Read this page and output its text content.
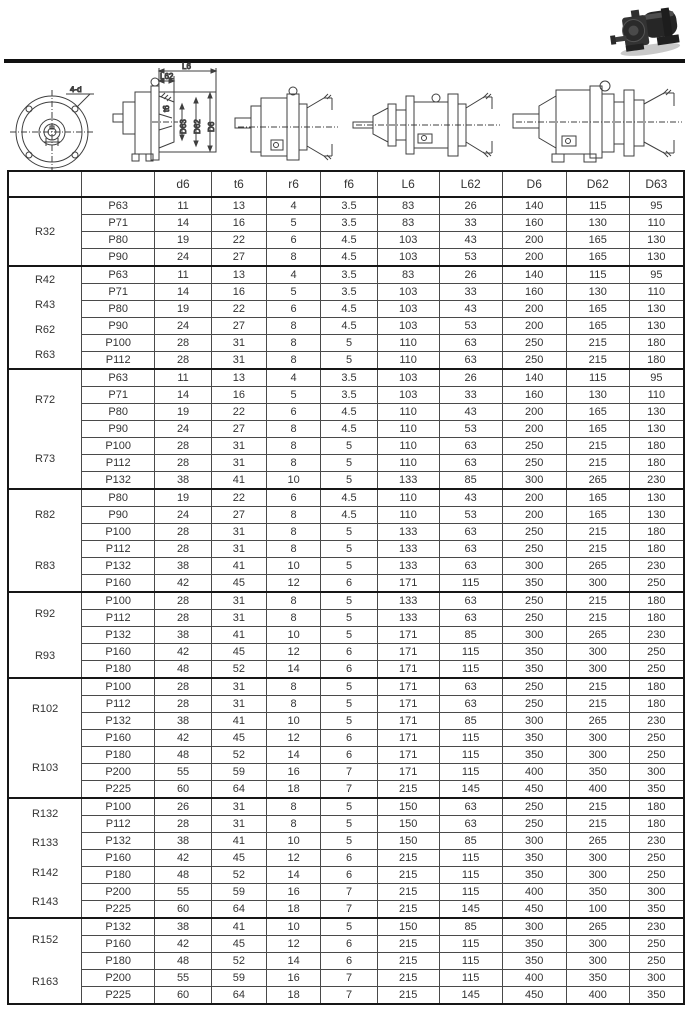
4-d
L6
L62
t6
D63 D62 D6
		d6	t6	r6	f6	L6	L62	D6	D62	D63

R32	P63	11	13	4	3.5	83	26	140	115	95
	P71	14	16	5	3.5	83	33	160	130	110
	P80	19	22	6	4.5	103	43	200	165	130
	P90	24	27	8	4.5	103	53	200	165	130

R42
R43
R62
R63	P63	11	13	4	3.5	83	26	140	115	95
	P71	14	16	5	3.5	103	33	160	130	110
	P80	19	22	6	4.5	103	43	200	165	130
	P90	24	27	8	4.5	103	53	200	165	130
	P100	28	31	8	5	110	63	250	215	180
	P112	28	31	8	5	110	63	250	215	180

R72
R73	P63	11	13	4	3.5	103	26	140	115	95
	P71	14	16	5	3.5	103	33	160	130	110
	P80	19	22	6	4.5	110	43	200	165	130
	P90	24	27	8	4.5	110	53	200	165	130
	P100	28	31	8	5	110	63	250	215	180
	P112	28	31	8	5	110	63	250	215	180
	P132	38	41	10	5	133	85	300	265	230

R82
R83	P80	19	22	6	4.5	110	43	200	165	130
	P90	24	27	8	4.5	110	53	200	165	130
	P100	28	31	8	5	133	63	250	215	180
	P112	28	31	8	5	133	63	250	215	180
	P132	38	41	10	5	133	63	300	265	230
	P160	42	45	12	6	171	115	350	300	250

R92
R93	P100	28	31	8	5	133	63	250	215	180
	P112	28	31	8	5	133	63	250	215	180
	P132	38	41	10	5	171	85	300	265	230
	P160	42	45	12	6	171	115	350	300	250
	P180	48	52	14	6	171	115	350	300	250

R102
R103	P100	28	31	8	5	171	63	250	215	180
	P112	28	31	8	5	171	63	250	215	180
	P132	38	41	10	5	171	85	300	265	230
	P160	42	45	12	6	171	115	350	300	250
	P180	48	52	14	6	171	115	350	300	250
	P200	55	59	16	7	171	115	400	350	300
	P225	60	64	18	7	215	145	450	400	350

R132
R133
R142
R143	P100	26	31	8	5	150	63	250	215	180
	P112	28	31	8	5	150	63	250	215	180
	P132	38	41	10	5	150	85	300	265	230
	P160	42	45	12	6	215	115	350	300	250
	P180	48	52	14	6	215	115	350	300	250
	P200	55	59	16	7	215	115	400	350	300
	P225	60	64	18	7	215	145	450	100	350

R152
R163	P132	38	41	10	5	150	85	300	265	230
	P160	42	45	12	6	215	115	350	300	250
	P180	48	52	14	6	215	115	350	300	250
	P200	55	59	16	7	215	115	400	350	300
	P225	60	64	18	7	215	145	450	400	350
